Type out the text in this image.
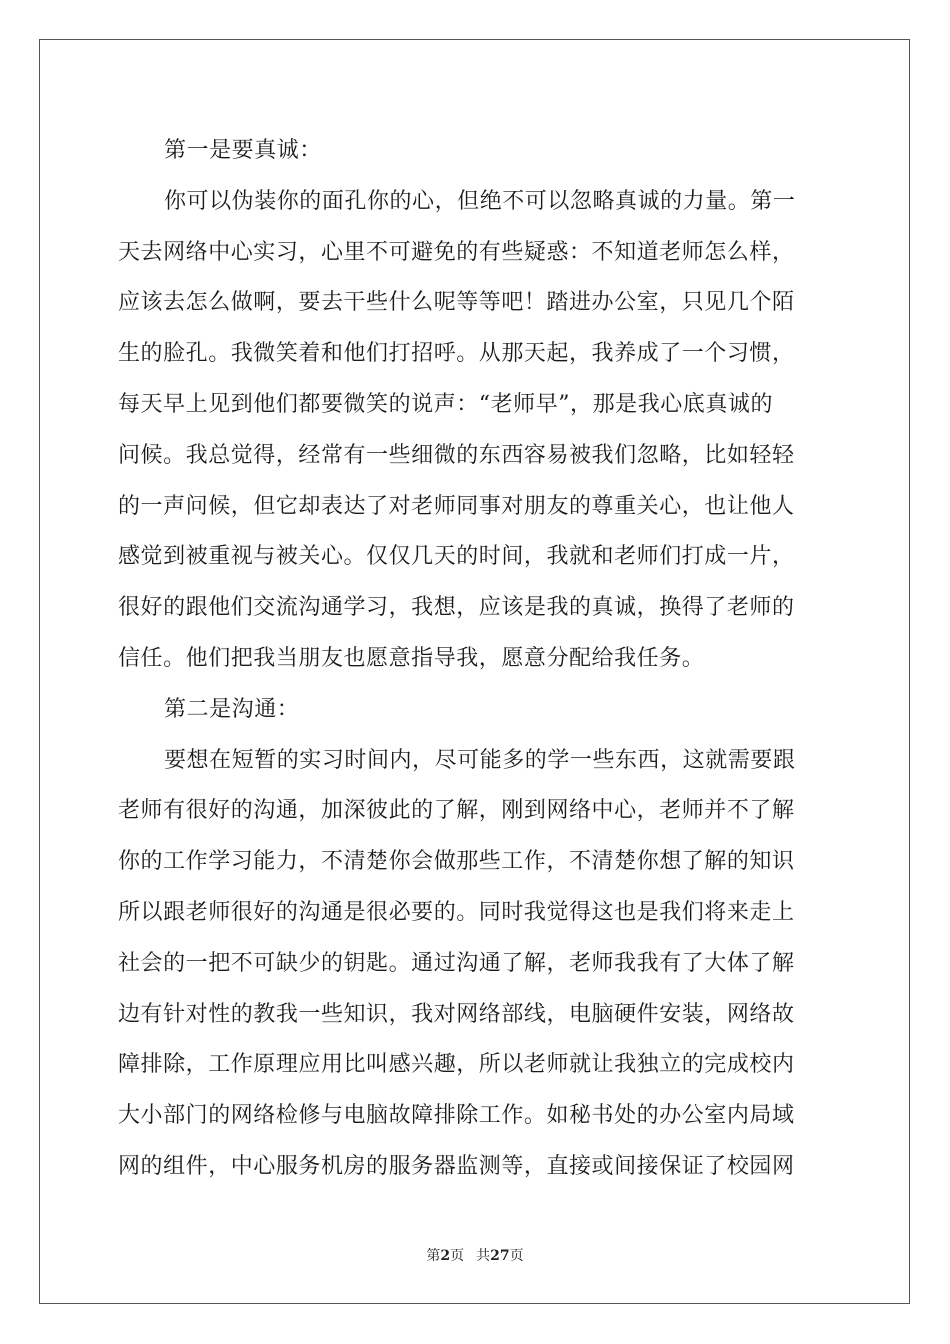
第一是要真诚：
你可以伪装你的面孔你的心，但绝不可以忽略真诚的力量。第一
天去网络中心实习，心里不可避免的有些疑惑：不知道老师怎么样，
应该去怎么做啊，要去干些什么呢等等吧！踏进办公室，只见几个陌
生的脸孔。我微笑着和他们打招呼。从那天起，我养成了一个习惯，
每天早上见到他们都要微笑的说声：“老师早”，那是我心底真诚的
问候。我总觉得，经常有一些细微的东西容易被我们忽略，比如轻轻
的一声问候，但它却表达了对老师同事对朋友的尊重关心，也让他人
感觉到被重视与被关心。仅仅几天的时间，我就和老师们打成一片，
很好的跟他们交流沟通学习，我想，应该是我的真诚，换得了老师的
信任。他们把我当朋友也愿意指导我，愿意分配给我任务。
第二是沟通：
要想在短暂的实习时间内，尽可能多的学一些东西，这就需要跟
老师有很好的沟通，加深彼此的了解，刚到网络中心，老师并不了解
你的工作学习能力，不清楚你会做那些工作，不清楚你想了解的知识
所以跟老师很好的沟通是很必要的。同时我觉得这也是我们将来走上
社会的一把不可缺少的钥匙。通过沟通了解，老师我我有了大体了解
边有针对性的教我一些知识，我对网络部线，电脑硬件安装，网络故
障排除，工作原理应用比叫感兴趣，所以老师就让我独立的完成校内
大小部门的网络检修与电脑故障排除工作。如秘书处的办公室内局域
网的组件，中心服务机房的服务器监测等，直接或间接保证了校园网
第2页 共27页
